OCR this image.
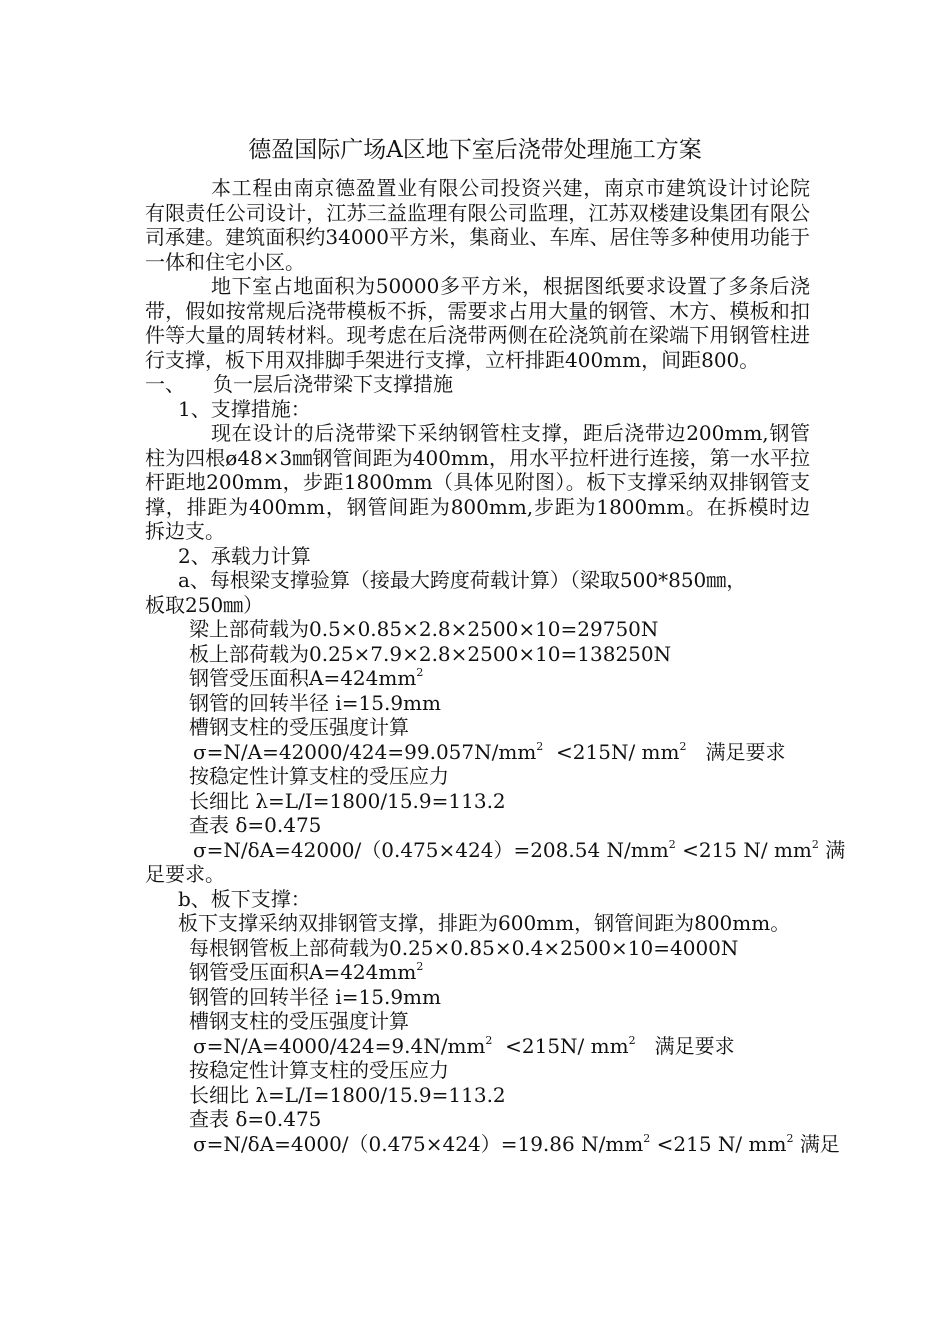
德盈国际广场A区地下室后浇带处理施工方案

本工程由南京德盈置业有限公司投资兴建，南京市建筑设计讨论院有限责任公司设计，江苏三益监理有限公司监理，江苏双楼建设集团有限公司承建。建筑面积约34000平方米，集商业、车库、居住等多种使用功能于一体和住宅小区。

地下室占地面积为50000多平方米，根据图纸要求设置了多条后浇带，假如按常规后浇带模板不拆，需要求占用大量的钢管、木方、模板和扣件等大量的周转材料。现考虑在后浇带两侧在砼浇筑前在梁端下用钢管柱进行支撑，板下用双排脚手架进行支撑，立杆排距400mm，间距800。

一、 负一层后浇带梁下支撑措施

1、支撑措施：

现在设计的后浇带梁下采纳钢管柱支撑，距后浇带边200mm,钢管柱为四根ø48×3㎜钢管间距为400mm，用水平拉杆进行连接，第一水平拉杆距地200mm，步距1800mm（具体见附图）。板下支撑采纳双排钢管支撑，排距为400mm，钢管间距为800mm,步距为1800mm。在拆模时边拆边支。

2、承载力计算

a、每根梁支撑验算（接最大跨度荷载计算）（梁取500*850㎜，

板取250㎜）

梁上部荷载为0.5×0.85×2.8×2500×10=29750N

板上部荷载为0.25×7.9×2.8×2500×10=138250N

钢管受压面积$A=424mm^2$

钢管的回转半径 i=15.9mm

槽钢支柱的受压强度计算

$\sigma=N/A=42000/424=99.057N/mm^2 <215N/$ $mm^2$ 满足要求

按稳定性计算支柱的受压应力

长细比 λ=L/I=1800/15.9=113.2

查表 δ=0.475

σ=N/δA=42000/（0.475×424）=208.54 $N/mm^2 <215$ N/ $mm^2$ 满

足要求。

b、板下支撑：

板下支撑采纳双排钢管支撑，排距为600mm，钢管间距为800mm。

每根钢管板上部荷载为0.25×0.85×0.4×2500×10=4000N

钢管受压面积$A=424mm^2$

钢管的回转半径 i=15.9mm

槽钢支柱的受压强度计算

$\sigma=N/A=4000/424=9.4N/mm^2 <215N/$ $mm^2$ 满足要求

按稳定性计算支柱的受压应力

长细比 λ=L/I=1800/15.9=113.2

查表 δ=0.475

σ=N/δA=4000/（0.475×424）=19.86 $N/mm^2 <215$ N/ $mm^2$ 满足
